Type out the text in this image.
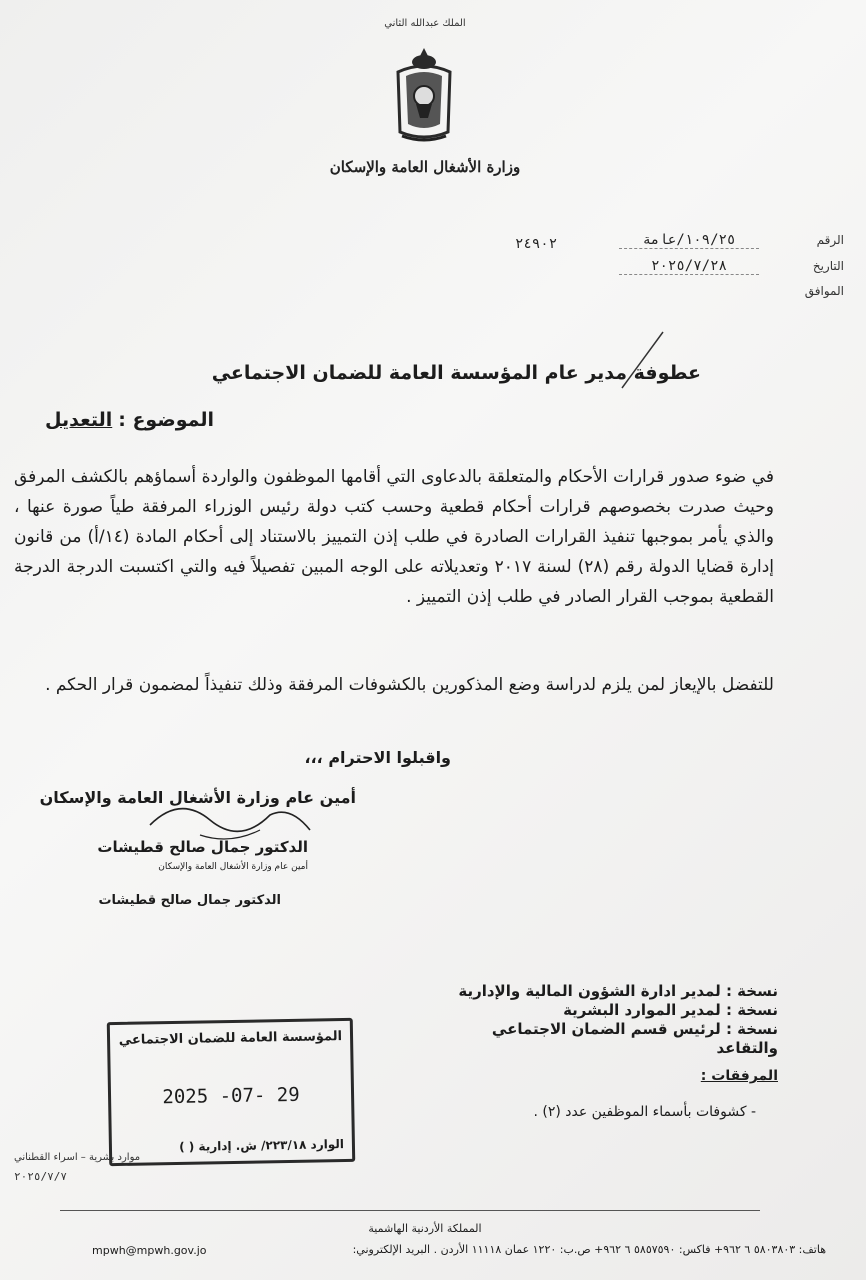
الملك عبدالله الثاني
وزارة الأشغال العامة والإسكان
٢٤٩٠٢	الرقم
١٠٩/٢٥/عامة
التاريخ
٢٠٢٥/٧/٢٨
الموافق
عطوفة مدير عام المؤسسة العامة للضمان الاجتماعي
الموضوع :التعديل

في ضوء صدور قرارات الأحكام والمتعلقة بالدعاوى التي أقامها الموظفون والواردة أسماؤهم بالكشف المرفق وحيث صدرت بخصوصهم قرارات أحكام قطعية وحسب كتب دولة رئيس الوزراء المرفقة طياً صورة عنها ، والذي يأمر بموجبها تنفيذ القرارات الصادرة في طلب إذن التمييز بالاستناد إلى أحكام المادة (١٤/أ) من قانون إدارة قضايا الدولة رقم (٢٨) لسنة ٢٠١٧ وتعديلاته على الوجه المبين تفصيلاً فيه والتي اكتسبت الدرجة الدرجة القطعية بموجب القرار الصادر في طلب إذن التمييز .

للتفضل بالإيعاز لمن يلزم لدراسة وضع المذكورين بالكشوفات المرفقة وذلك تنفيذاً لمضمون قرار الحكم .
واقبلوا الاحترام ،،،
أمين عام وزارة الأشغال العامة والإسكان
الدكتور جمال صالح قطيشات
أمين عام وزارة الأشغال العامة والإسكان
الدكتور جمال صالح قطيشات
نسخة : لمدير ادارة الشؤون المالية والإدارية
نسخة : لمدير الموارد البشرية
نسخة : لرئيس قسم الضمان الاجتماعي والتقاعد
المرفقات :
- كشوفات بأسماء الموظفين عدد (٢) .
المؤسسة العامة للضمان الاجتماعي
2025 -07- 29
الوارد ٢٢٣/١٨/ ش. إدارية ( )
موارد بشرية – اسراء القطناني
٢٠٢٥/٧/٧
المملكة الأردنية الهاشمية
هاتف: ٥٨٠٣٨٠٣ ٦ ٩٦٢+ فاكس: ٥٨٥٧٥٩٠ ٦ ٩٦٢+ ص.ب: ١٢٢٠ عمان ١١١١٨ الأردن . البريد الإلكتروني:
mpwh@mpwh.gov.jo
